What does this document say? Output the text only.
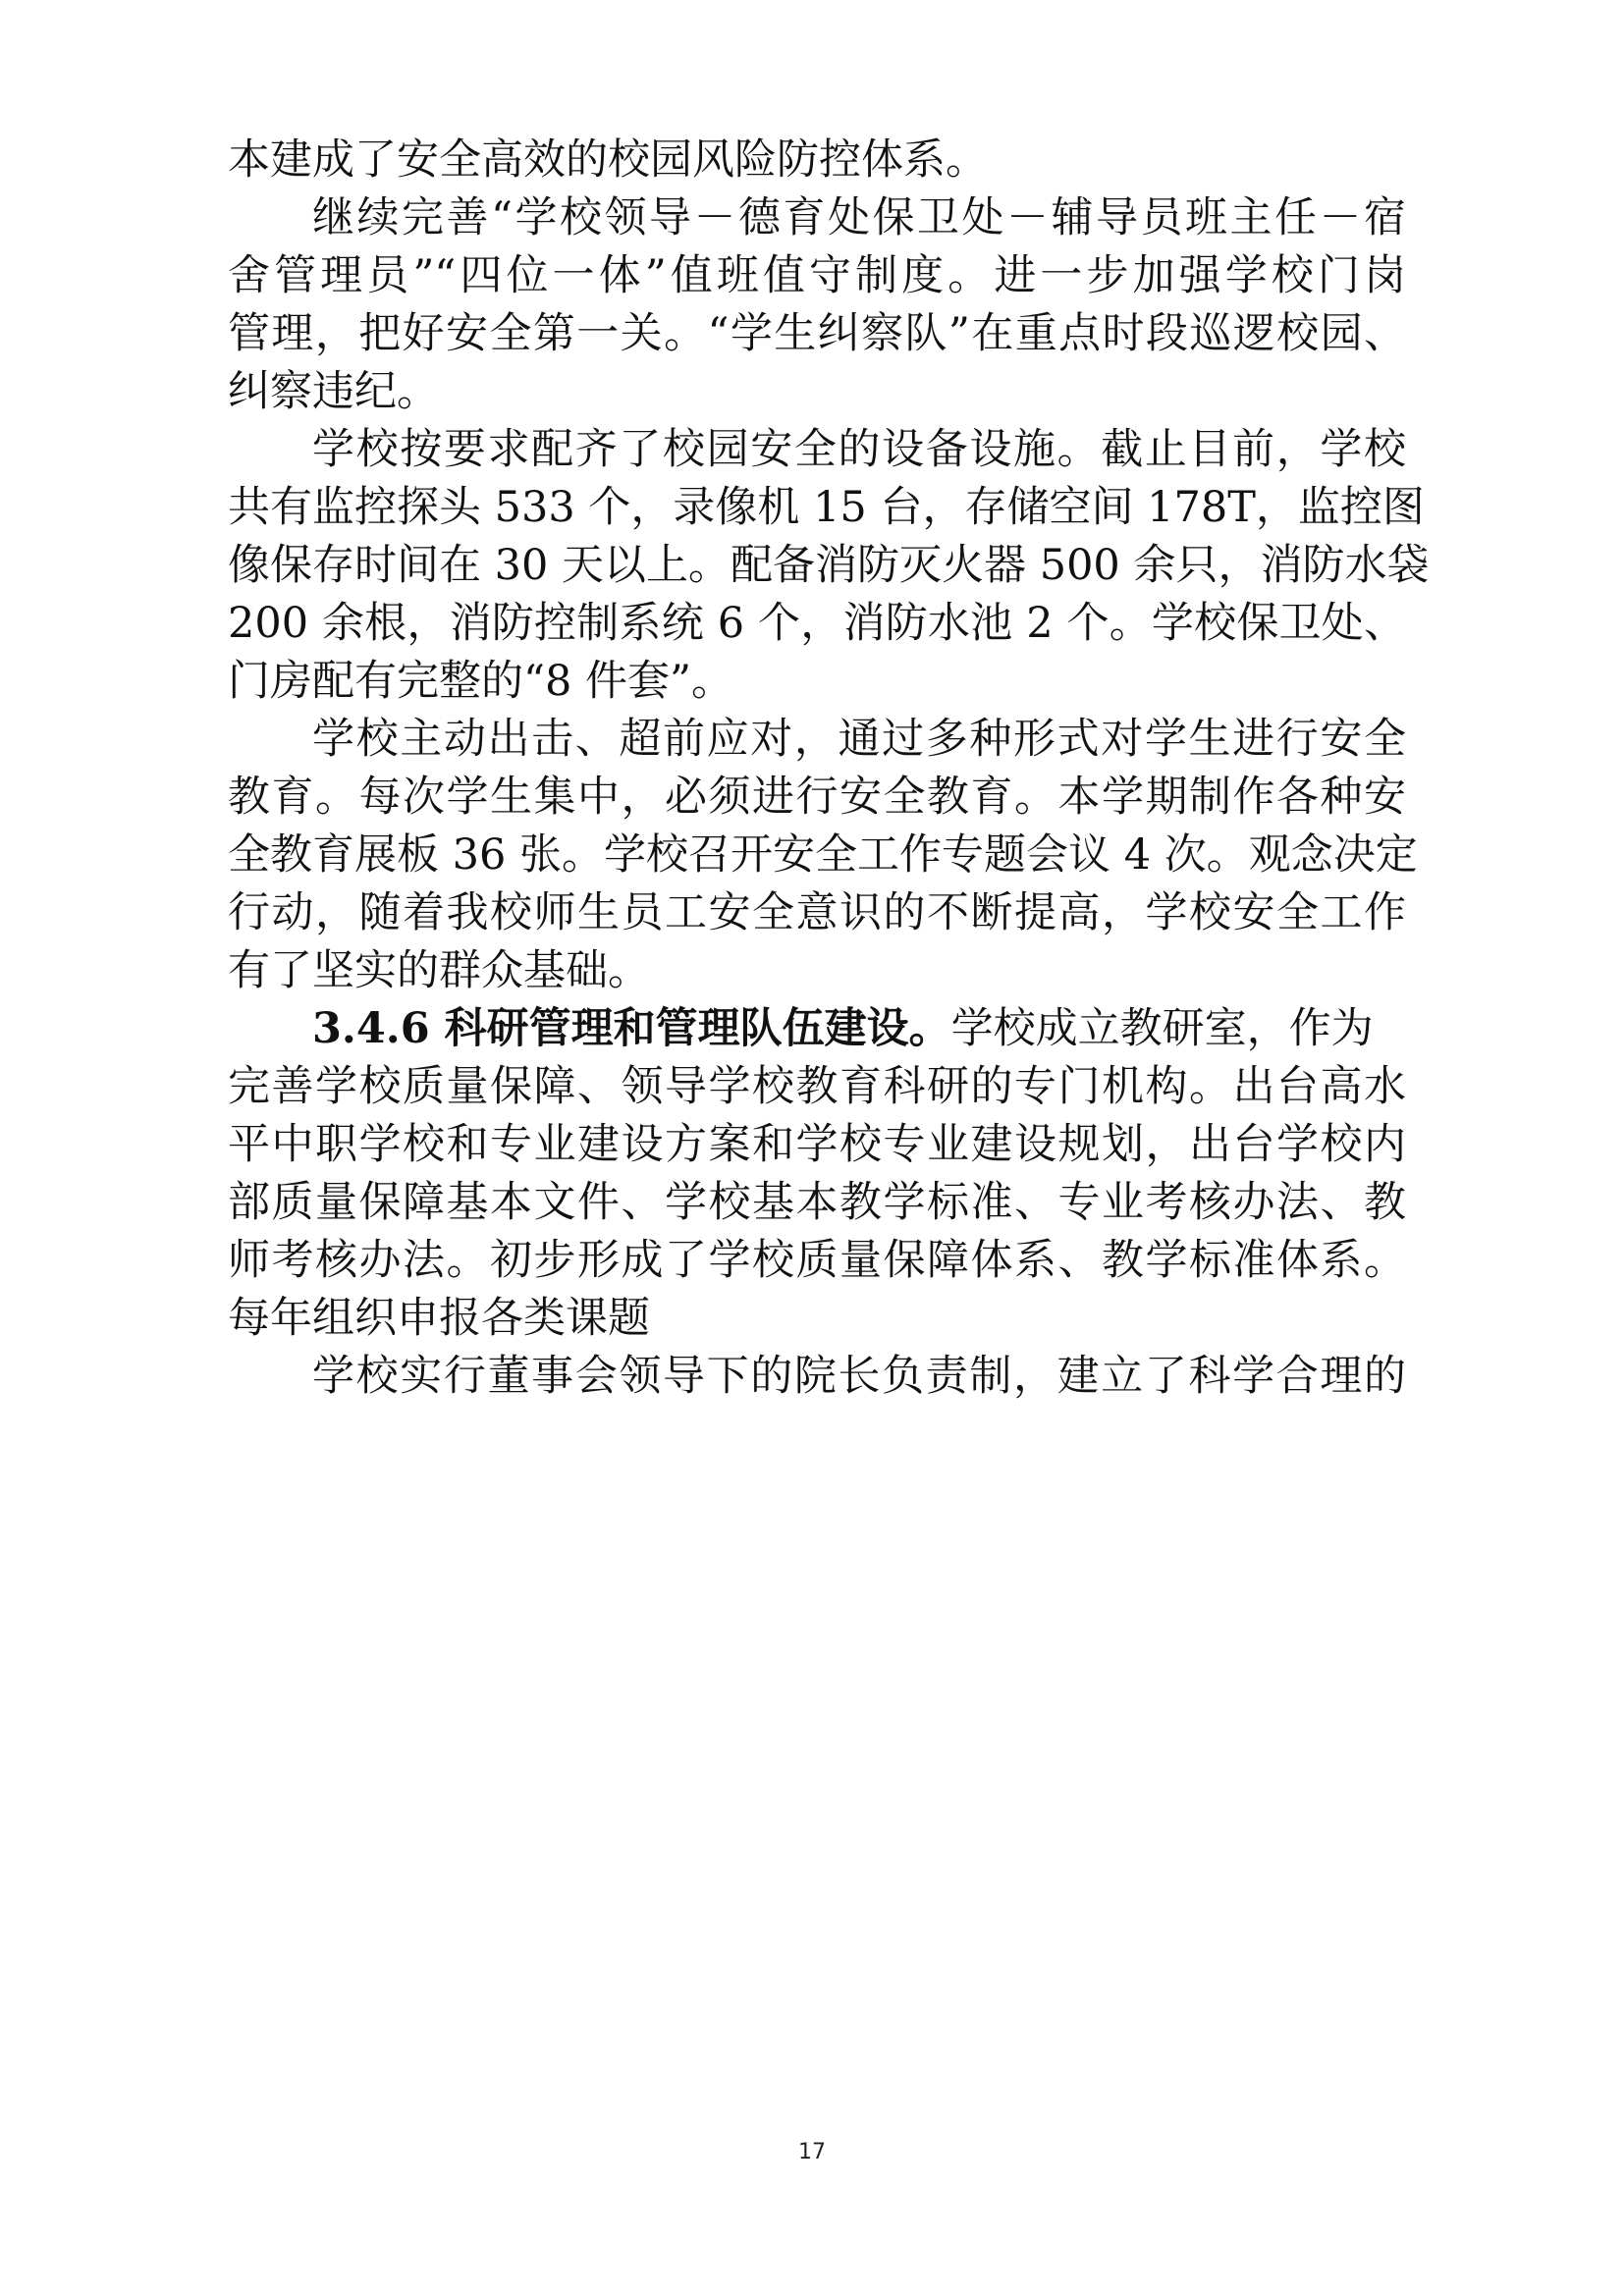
本建成了安全高效的校园风险防控体系。
继续完善“学校领导－德育处保卫处－辅导员班主任－宿
舍管理员”“四位一体”值班值守制度。进一步加强学校门岗
管理，把好安全第一关。“学生纠察队”在重点时段巡逻校园、
纠察违纪。
学校按要求配齐了校园安全的设备设施。截止目前，学校
共有监控探头 533 个，录像机 15 台，存储空间 178T，监控图
像保存时间在 30 天以上。配备消防灭火器 500 余只，消防水袋
200 余根，消防控制系统 6 个，消防水池 2 个。学校保卫处、
门房配有完整的“8 件套”。
学校主动出击、超前应对，通过多种形式对学生进行安全
教育。每次学生集中，必须进行安全教育。本学期制作各种安
全教育展板 36 张。学校召开安全工作专题会议 4 次。观念决定
行动，随着我校师生员工安全意识的不断提高，学校安全工作
有了坚实的群众基础。
3.4.6 科研管理和管理队伍建设。学校成立教研室，作为
完善学校质量保障、领导学校教育科研的专门机构。出台高水
平中职学校和专业建设方案和学校专业建设规划，出台学校内
部质量保障基本文件、学校基本教学标准、专业考核办法、教
师考核办法。初步形成了学校质量保障体系、教学标准体系。
每年组织申报各类课题
学校实行董事会领导下的院长负责制，建立了科学合理的
17
